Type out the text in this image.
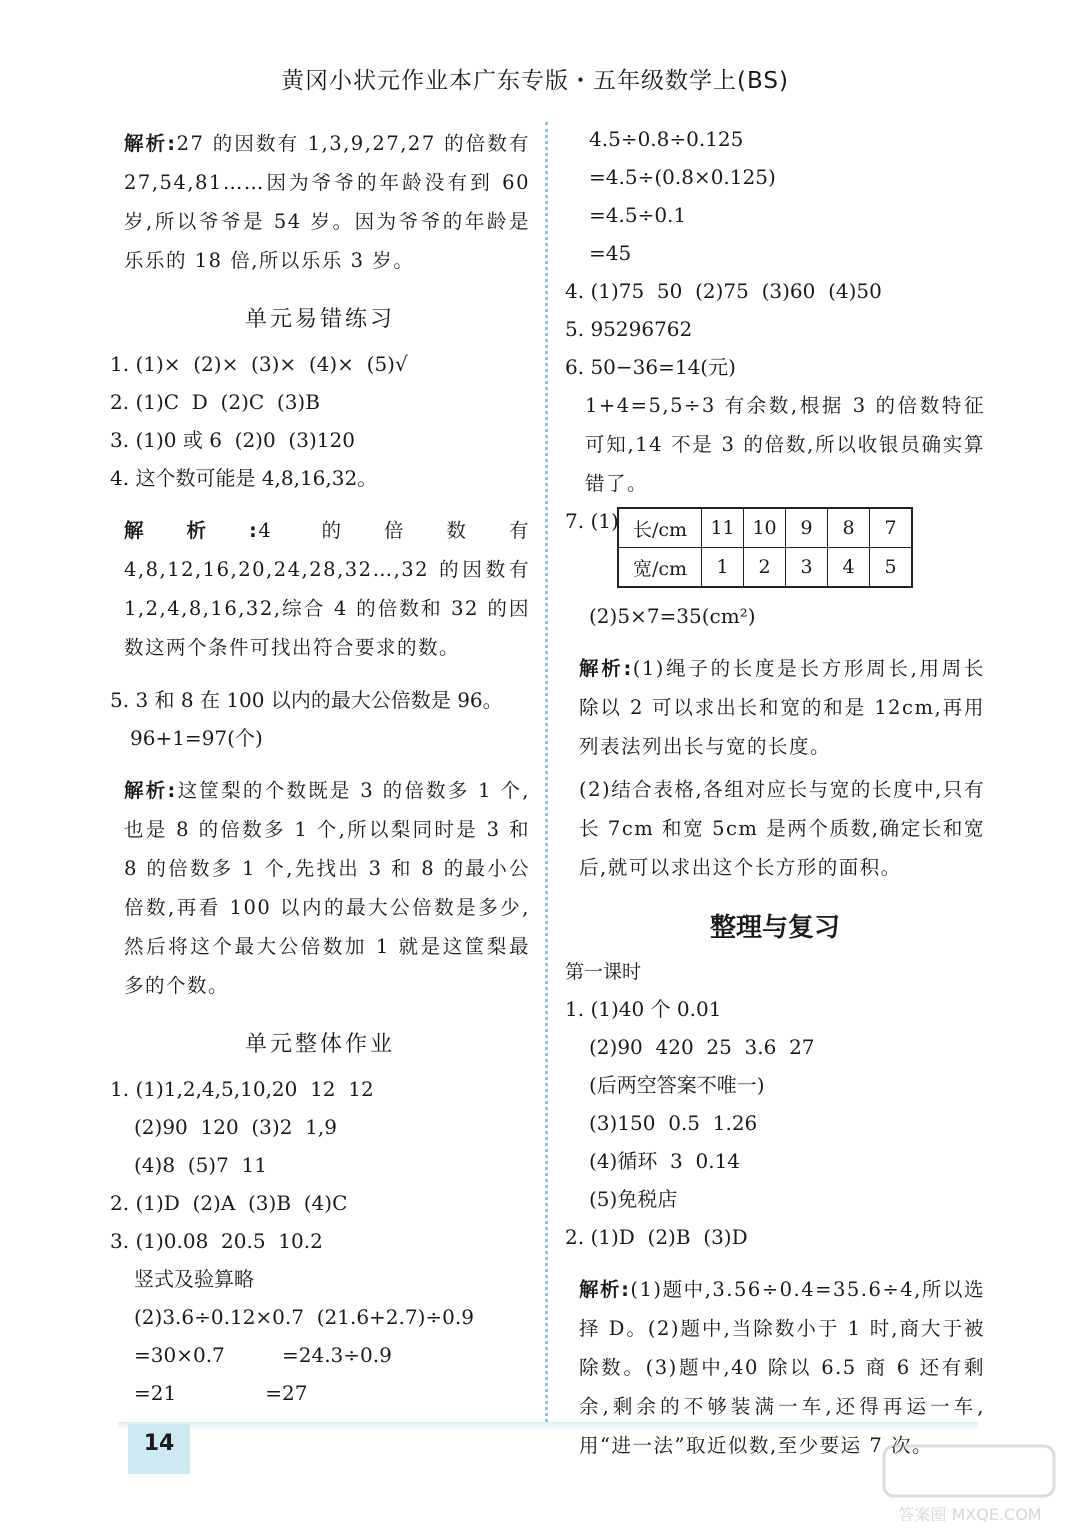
黄冈小状元作业本广东专版・五年级数学上(BS)
解析:27 的因数有 1,3,9,27,27 的倍数有 27,54,81……因为爷爷的年龄没有到 60 岁,所以爷爷是 54 岁。因为爷爷的年龄是乐乐的 18 倍,所以乐乐 3 岁。
单元易错练习
1. (1)×  (2)×  (3)×  (4)×  (5)√
2. (1)C  D  (2)C  (3)B
3. (1)0 或 6  (2)0  (3)120
4. 这个数可能是 4,8,16,32。
解析:4 的倍数有 4,8,12,16,20,24,28,32…,32 的因数有 1,2,4,8,16,32,综合 4 的倍数和 32 的因数这两个条件可找出符合要求的数。
5. 3 和 8 在 100 以内的最大公倍数是 96。
96+1=97(个)
解析:这筐梨的个数既是 3 的倍数多 1 个,也是 8 的倍数多 1 个,所以梨同时是 3 和 8 的倍数多 1 个,先找出 3 和 8 的最小公倍数,再看 100 以内的最大公倍数是多少,然后将这个最大公倍数加 1 就是这筐梨最多的个数。
单元整体作业
1. (1)1,2,4,5,10,20  12  12
(2)90  120  (3)2  1,9
(4)8  (5)7  11
2. (1)D  (2)A  (3)B  (4)C
3. (1)0.08  20.5  10.2
竖式及验算略
(2)3.6÷0.12×0.7  (21.6+2.7)÷0.9
=30×0.7         =24.3÷0.9
=21              =27
4.5÷0.8÷0.125
=4.5÷(0.8×0.125)
=4.5÷0.1
=45
4. (1)75  50  (2)75  (3)60  (4)50
5. 95296762
6. 50−36=14(元)
1+4=5,5÷3 有余数,根据 3 的倍数特征可知,14 不是 3 的倍数,所以收银员确实算错了。
7. (1) 长/cm	11	10	9	8	7
宽/cm	1	2	3	4	5
(2)5×7=35(cm²)
解析:(1)绳子的长度是长方形周长,用周长除以 2 可以求出长和宽的和是 12cm,再用列表法列出长与宽的长度。
(2)结合表格,各组对应长与宽的长度中,只有长 7cm 和宽 5cm 是两个质数,确定长和宽后,就可以求出这个长方形的面积。
整理与复习
第一课时
1. (1)40 个 0.01
(2)90  420  25  3.6  27
(后两空答案不唯一)
(3)150  0.5  1.26
(4)循环  3  0.14
(5)免税店
2. (1)D  (2)B  (3)D
解析:(1)题中,3.56÷0.4=35.6÷4,所以选择 D。(2)题中,当除数小于 1 时,商大于被除数。(3)题中,40 除以 6.5 商 6 还有剩余,剩余的不够装满一车,还得再运一车,用“进一法”取近似数,至少要运 7 次。
14
答案圈 MXQE.COM
